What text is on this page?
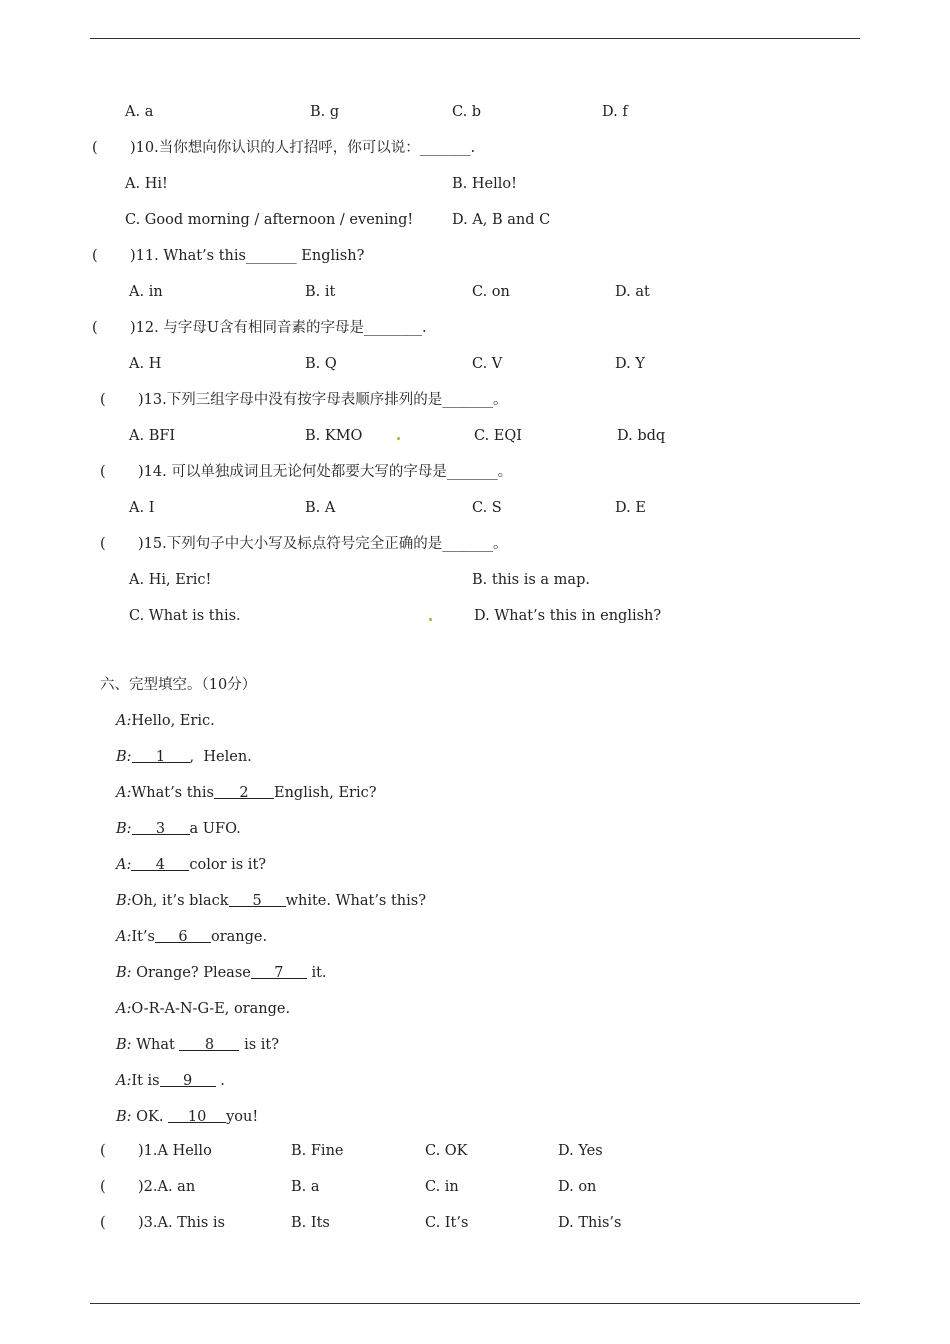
A. a	B. g	C. b	D. f
( )10.当你想向你认识的人打招呼，你可以说：_______.
A. Hi!	B. Hello!
C. Good morning / afternoon / evening!	D. A, B and C
( )11. What’s this_______ English?
A. in	B. it	C. on	D. at
( )12. 与字母U含有相同音素的字母是________.
A. H	B. Q	C. V	D. Y
( )13.下列三组字母中没有按字母表顺序排列的是_______。
A. BFI	B. KMO	C. EQI	D. bdq
( )14. 可以单独成词且无论何处都要大写的字母是_______。
A. I	B. A	C. S	D. E
( )15.下列句子中大小写及标点符号完全正确的是_______。
A. Hi, Eric!	B. this is a map.
C. What is this.	D. What’s this in english?
六、完型填空。（10分）
A:Hello, Eric.
B: 1 ,  Helen.
A:What’s this 2 English, Eric?
B: 3 a UFO.
A: 4 color is it?
B:Oh, it’s black 5 white. What’s this?
A:It’s 6 orange.
B: Orange? Please 7 it.
A:O-R-A-N-G-E, orange.
B: What 8 is it?
A:It is 9 .
B: OK. 10 you!
( )1.A Hello	B. Fine	C. OK	D. Yes
( )2.A. an	B. a	C. in	D. on
( )3.A. This is	B. Its	C. It’s	D. This’s
